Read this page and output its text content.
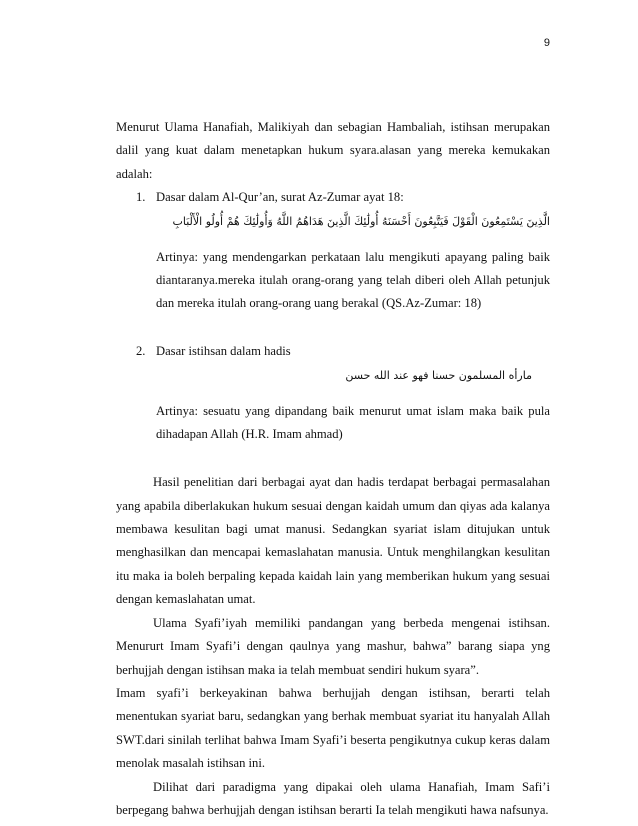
9

Menurut Ulama Hanafiah, Malikiyah dan sebagian Hambaliah, istihsan merupakan dalil yang kuat dalam menetapkan hukum syara.alasan yang mereka kemukakan adalah:

1. Dasar dalam Al-Qur’an, surat Az-Zumar ayat 18:
الَّذِينَ يَسْتَمِعُونَ الْقَوْلَ فَيَتَّبِعُونَ أَحْسَنَهُ أُولَٰئِكَ الَّذِينَ هَدَاهُمُ اللَّهُ وَأُولَٰئِكَ هُمْ أُولُو الْأَلْبَابِ

Artinya: yang mendengarkan perkataan lalu mengikuti apayang paling baik diantaranya.mereka itulah orang-orang yang telah diberi oleh Allah petunjuk dan mereka itulah orang-orang uang berakal (QS.Az-Zumar: 18)

2. Dasar istihsan dalam hadis
مارأه المسلمون حسنا فهو عند الله حسن

Artinya: sesuatu yang dipandang baik menurut umat islam maka baik pula dihadapan Allah (H.R. Imam ahmad)

Hasil penelitian dari berbagai ayat dan hadis terdapat berbagai permasalahan yang apabila diberlakukan hukum sesuai dengan kaidah umum dan qiyas ada kalanya membawa kesulitan bagi umat manusi. Sedangkan syariat islam ditujukan untuk menghasilkan dan mencapai kemaslahatan manusia. Untuk menghilangkan kesulitan itu maka ia boleh berpaling kepada kaidah lain yang memberikan hukum yang sesuai dengan kemaslahatan umat.

Ulama Syafi’iyah memiliki pandangan yang berbeda mengenai istihsan. Menururt Imam Syafi’i dengan qaulnya yang mashur, bahwa” barang siapa yng berhujjah dengan istihsan maka ia telah membuat sendiri hukum syara”.

Imam syafi’i berkeyakinan bahwa berhujjah dengan istihsan, berarti telah menentukan syariat baru, sedangkan yang berhak membuat syariat itu hanyalah Allah SWT.dari sinilah terlihat bahwa Imam Syafi’i beserta pengikutnya cukup keras dalam menolak masalah istihsan ini.

Dilihat dari paradigma yang dipakai oleh ulama Hanafiah, Imam Safi’i berpegang bahwa berhujjah dengan istihsan berarti Ia telah mengikuti hawa nafsunya.
